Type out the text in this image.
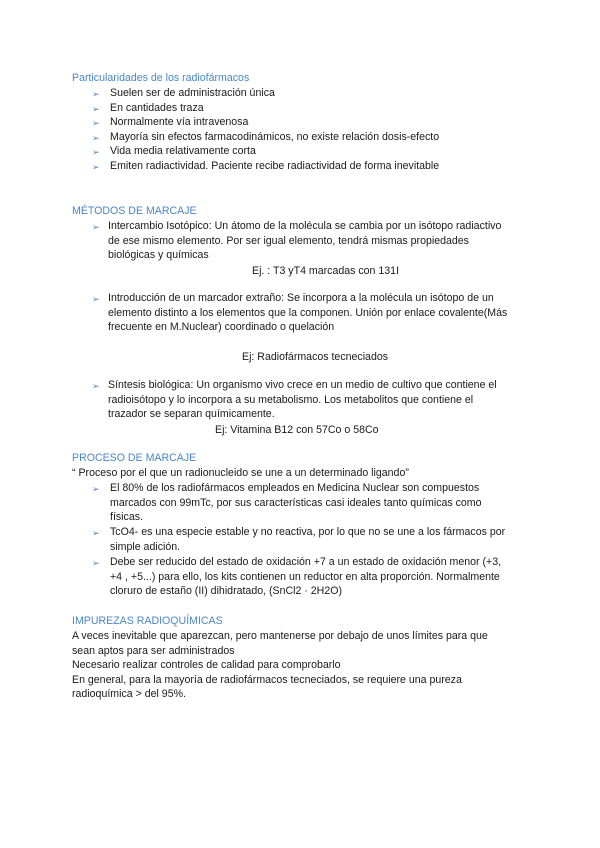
Particularidades de los radiofármacos
➢ Suelen ser de administración única
➢ En cantidades traza
➢ Normalmente vía intravenosa
➢ Mayoría sin efectos farmacodinámicos, no existe relación dosis-efecto
➢ Vida media relativamente corta
➢ Emiten radiactividad. Paciente recibe radiactividad de forma inevitable
MÉTODOS DE MARCAJE
➢ Intercambio Isotópico: Un átomo de la molécula se cambia por un isótopo radiactivo
de ese mismo elemento. Por ser igual elemento, tendrá mismas propiedades
biológicas y químicas
Ej. : T3 yT4 marcadas con 131I
➢ Introducción de un marcador extraño: Se incorpora a la molécula un isótopo de un
elemento distinto a los elementos que la componen. Unión por enlace covalente(Más
frecuente en M.Nuclear) coordinado o quelación
Ej: Radiofármacos tecneciados
➢ Síntesis biológica: Un organismo vivo crece en un medio de cultivo que contiene el
radioisótopo y lo incorpora a su metabolismo. Los metabolitos que contiene el
trazador se separan químicamente.
Ej: Vitamina B12 con 57Co o 58Co
PROCESO DE MARCAJE
“ Proceso por el que un radionucleido se une a un determinado ligando”
➢ El 80% de los radiofármacos empleados en Medicina Nuclear son compuestos
marcados con 99mTc, por sus características casi ideales tanto químicas como
físicas.
➢ TcO4- es una especie estable y no reactiva, por lo que no se une a los fármacos por
simple adición.
➢ Debe ser reducido del estado de oxidación +7 a un estado de oxidación menor (+3,
+4 , +5...) para ello, los kits contienen un reductor en alta proporción. Normalmente
cloruro de estaño (II) dihidratado, (SnCl2 · 2H2O)
IMPUREZAS RADIOQUÍMICAS
A veces inevitable que aparezcan, pero mantenerse por debajo de unos límites para que
sean aptos para ser administrados
Necesario realizar controles de calidad para comprobarlo
En general, para la mayoría de radiofármacos tecneciados, se requiere una pureza
radioquímica > del 95%.
